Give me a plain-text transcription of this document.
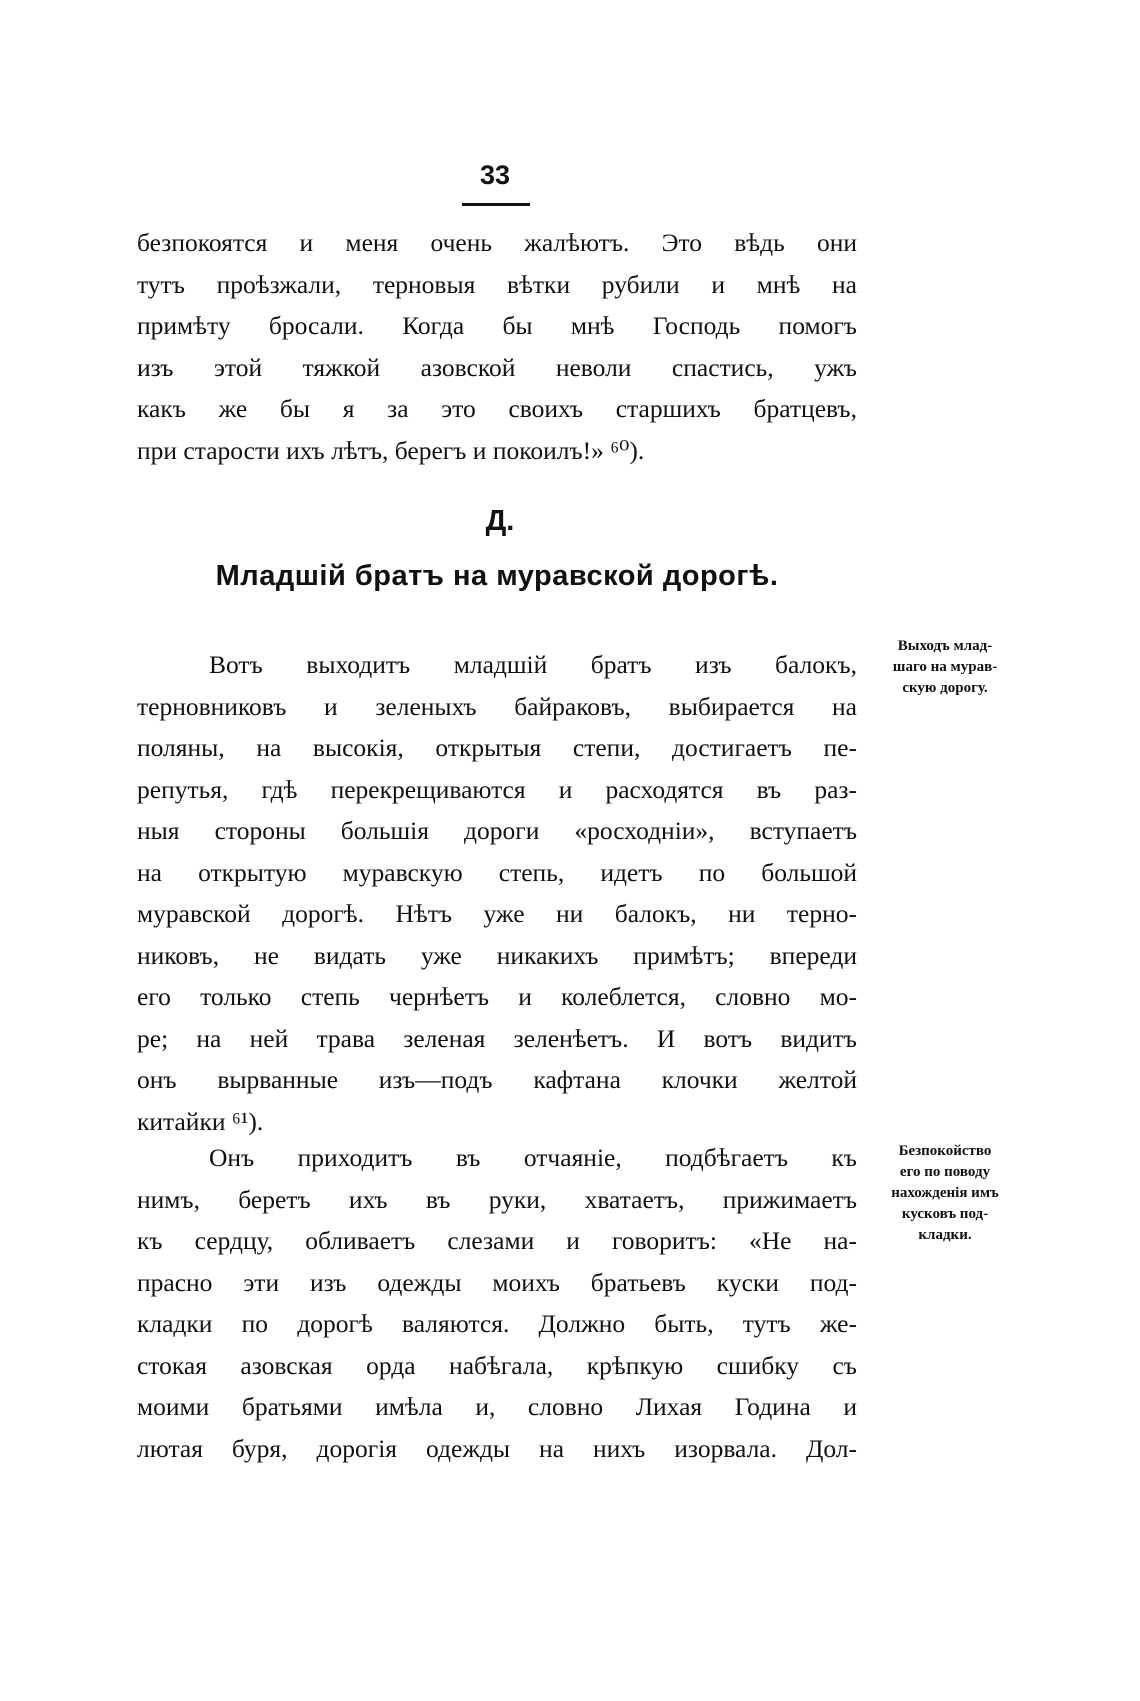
33
безпокоятся и меня очень жалѣютъ. Это вѣдь они
тутъ проѣзжали, терновыя вѣтки рубили и мнѣ на
примѣту бросали. Когда бы мнѣ Господь помогъ
изъ этой тяжкой азовской неволи спастись, ужъ
какъ же бы я за это своихъ старшихъ братцевъ,
при старости ихъ лѣтъ, берегъ и покоилъ!» ⁶⁰).
Д.
Младшій братъ на муравской дорогѣ.
Вотъ выходитъ младшій братъ изъ балокъ,
терновниковъ и зеленыхъ байраковъ, выбирается на
поляны, на высокія, открытыя степи, достигаетъ пе-
репутья, гдѣ перекрещиваются и расходятся въ раз-
ныя стороны большія дороги «росходніи», вступаетъ
на открытую муравскую степь, идетъ по большой
муравской дорогѣ. Нѣтъ уже ни балокъ, ни терно-
никовъ, не видать уже никакихъ примѣтъ; впереди
его только степь чернѣетъ и колеблется, словно мо-
ре; на ней трава зеленая зеленѣетъ. И вотъ видитъ
онъ вырванные изъ—подъ кафтана клочки желтой
китайки ⁶¹).
Онъ приходитъ въ отчаяніе, подбѣгаетъ къ
нимъ, беретъ ихъ въ руки, хватаетъ, прижимаетъ
къ сердцу, обливаетъ слезами и говоритъ: «Не на-
прасно эти изъ одежды моихъ братьевъ куски под-
кладки по дорогѣ валяются. Должно быть, тутъ же-
стокая азовская орда набѣгала, крѣпкую сшибку съ
моими братьями имѣла и, словно Лихая Година и
лютая буря, дорогія одежды на нихъ изорвала. Дол-
Выходъ млад-
шаго на мурав-
скую дорогу.
Безпокойство
его по поводу
нахожденія имъ
кусковъ под-
кладки.
